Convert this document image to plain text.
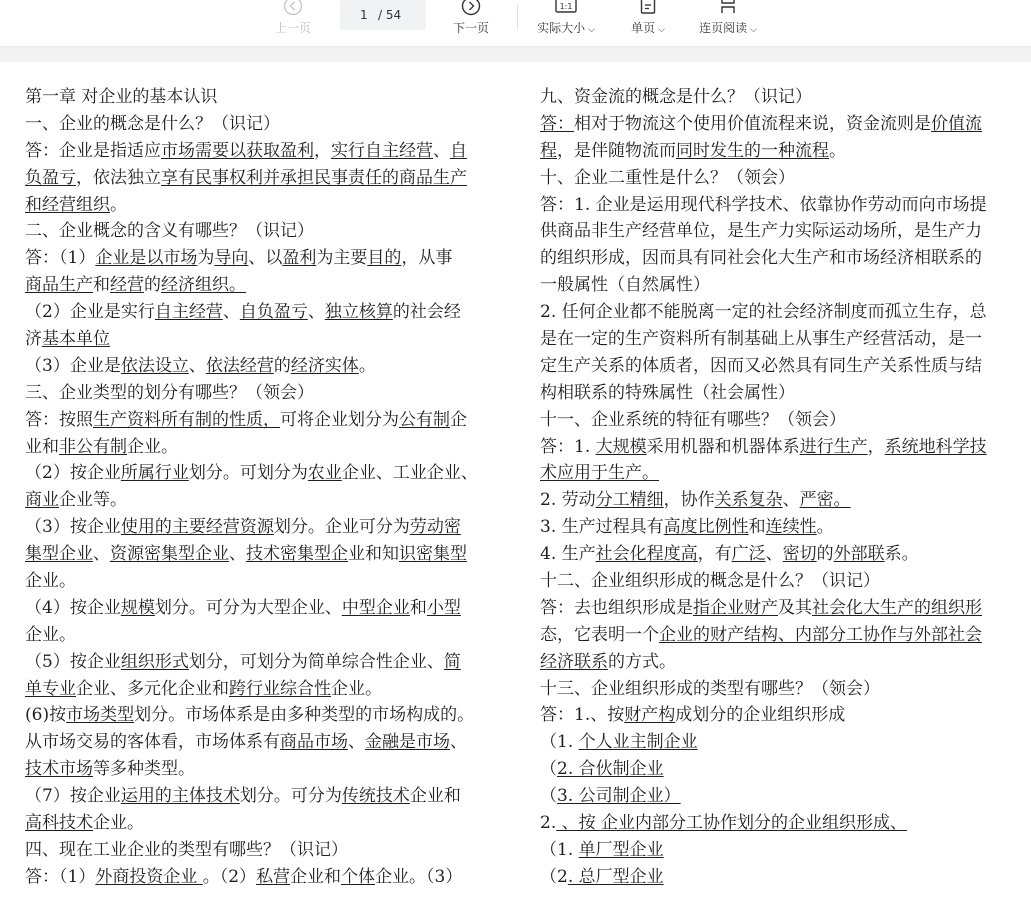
上一页
1 / 54
下一页
1:1
实际大小 ⌵	单页 ⌵	连页阅读 ⌵
第一章 对企业的基本认识
一、企业的概念是什么？（识记）
答：企业是指适应市场需要以获取盈利，实行自主经营、自
负盈亏，依法独立享有民事权利并承担民事责任的商品生产
和经营组织。
二、企业概念的含义有哪些？（识记）
答：（1）企业是以市场为导向、以盈利为主要目的，从事
商品生产和经营的经济组织。
（2）企业是实行自主经营、自负盈亏、独立核算的社会经
济基本单位
（3）企业是依法设立、依法经营的经济实体。
三、企业类型的划分有哪些？（领会）
答：按照生产资料所有制的性质，可将企业划分为公有制企
业和非公有制企业。
（2）按企业所属行业划分。可划分为农业企业、工业企业、
商业企业等。
（3）按企业使用的主要经营资源划分。企业可分为劳动密
集型企业、资源密集型企业、技术密集型企业和知识密集型
企业。
（4）按企业规模划分。可分为大型企业、中型企业和小型
企业。
（5）按企业组织形式划分，可划分为简单综合性企业、简
单专业企业、多元化企业和跨行业综合性企业。
(6)按市场类型划分。市场体系是由多种类型的市场构成的。
从市场交易的客体看，市场体系有商品市场、金融是市场、
技术市场等多种类型。
（7）按企业运用的主体技术划分。可分为传统技术企业和
高科技术企业。
四、现在工业企业的类型有哪些？（识记）
答：（1）外商投资企业 。（2）私营企业和个体企业。（3）
九、资金流的概念是什么？（识记）
答：相对于物流这个使用价值流程来说，资金流则是价值流
程，是伴随物流而同时发生的一种流程。
十、企业二重性是什么？（领会）
答：1. 企业是运用现代科学技术、依靠协作劳动而向市场提
供商品非生产经营单位，是生产力实际运动场所，是生产力
的组织形成，因而具有同社会化大生产和市场经济相联系的
一般属性（自然属性）
2. 任何企业都不能脱离一定的社会经济制度而孤立生存，总
是在一定的生产资料所有制基础上从事生产经营活动，是一
定生产关系的体质者，因而又必然具有同生产关系性质与结
构相联系的特殊属性（社会属性）
十一、企业系统的特征有哪些？（领会）
答：1. 大规模采用机器和机器体系进行生产，系统地科学技
术应用于生产。
2. 劳动分工精细，协作关系复杂、严密。
3. 生产过程具有高度比例性和连续性。
4. 生产社会化程度高，有广泛、密切的外部联系。
十二、企业组织形成的概念是什么？（识记）
答：去也组织形成是指企业财产及其社会化大生产的组织形
态，它表明一个企业的财产结构、内部分工协作与外部社会
经济联系的方式。
十三、企业组织形成的类型有哪些？（领会）
答：1.、按财产构成划分的企业组织形成
（1. 个人业主制企业
（2. 合伙制企业
（3. 公司制企业）
2. 、按 企业内部分工协作划分的企业组织形成、
（1. 单厂型企业
（2. 总厂型企业
